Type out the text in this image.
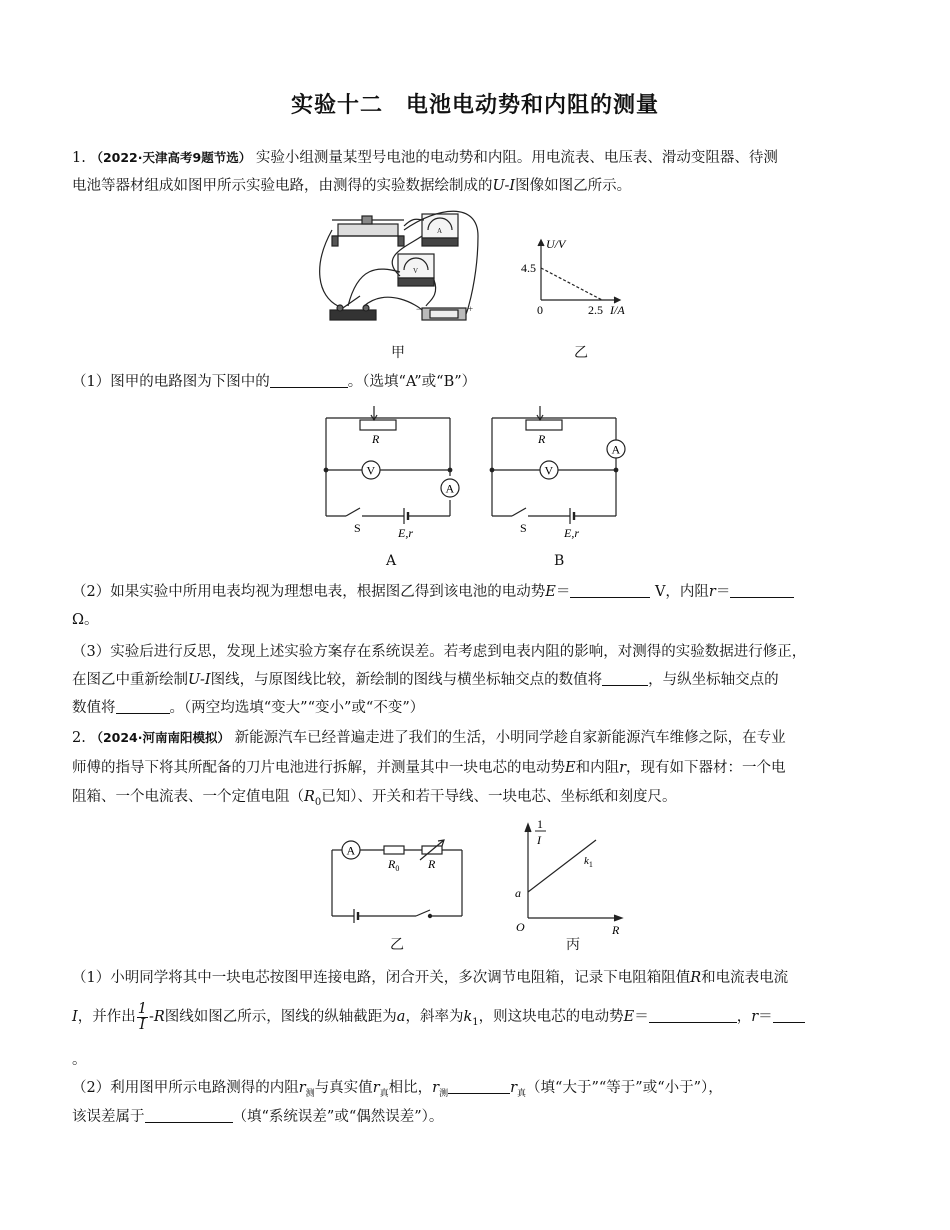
实验十二　电池电动势和内阻的测量
1. （2022·天津高考9题节选） 实验小组测量某型号电池的电动势和内阻。用电流表、电压表、滑动变阻器、待测
电池等器材组成如图甲所示实验电路，由测得的实验数据绘制成的U-I图像如图乙所示。
A
V
−	+
甲
U/V
4.5
0	2.5 I/A
乙
（1）图甲的电路图为下图中的	。（选填“A”或“B”）
V
A
R
S	E,r
A
V
A
R
S	E,r
B
（2）如果实验中所用电表均视为理想电表，根据图乙得到该电池的电动势E＝	V，内阻r＝
Ω。
（3）实验后进行反思，发现上述实验方案存在系统误差。若考虑到电表内阻的影响，对测得的实验数据进行修正，
在图乙中重新绘制U-I图线，与原图线比较，新绘制的图线与横坐标轴交点的数值将	，与纵坐标轴交点的
数值将	。（两空均选填“变大”“变小”或“不变”）
2. （2024·河南南阳模拟） 新能源汽车已经普遍走进了我们的生活，小明同学趁自家新能源汽车维修之际，在专业
师傅的指导下将其所配备的刀片电池进行拆解，并测量其中一块电芯的电动势E和内阻r，现有如下器材：一个电
阻箱、一个电流表、一个定值电阻（$R_0$已知）、开关和若干导线、一块电芯、坐标纸和刻度尺。
A
$R_0$ R
乙
1
I
a
$k_1$
O	R
丙
（1）小明同学将其中一块电芯按图甲连接电路，闭合开关，多次调节电阻箱，记录下电阻箱阻值R和电流表电流
I，并作出 $\frac{1}{I} -R$图线如图乙所示，图线的纵轴截距为a，斜率为$k_1$，则这块电芯的电动势E＝	，r＝
。
（2）利用图甲所示电路测得的内阻$r_测$与真实值$r_真$相比，$r_测$	$r_真$（填“大于”“等于”或“小于”），
该误差属于	（填“系统误差”或“偶然误差”）。
